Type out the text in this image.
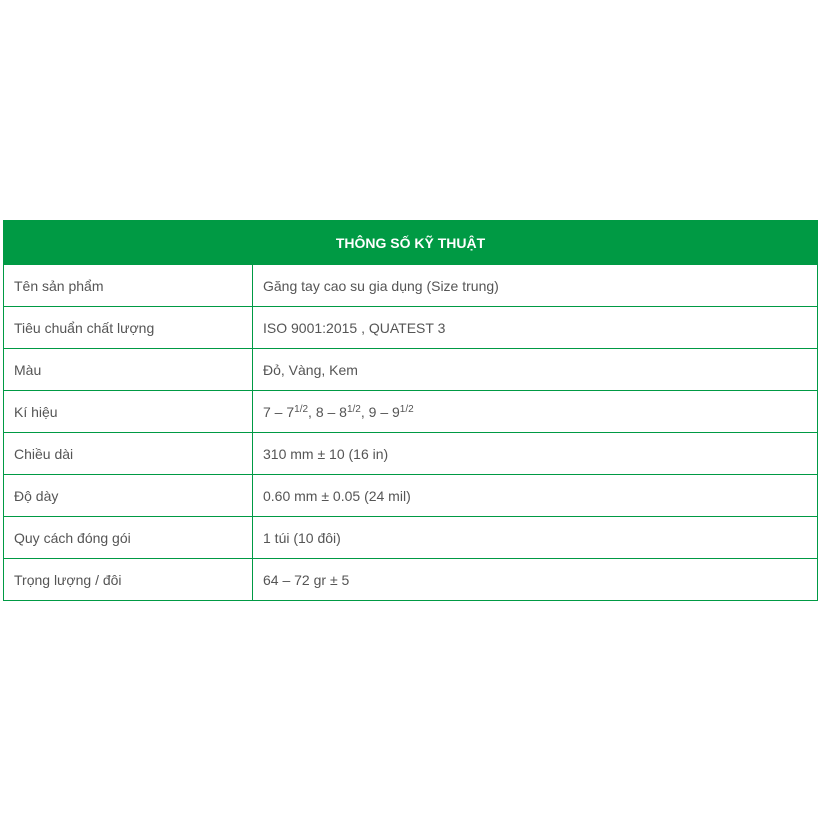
THÔNG SỐ KỸ THUẬT	
Tên sản phẩm	Găng tay cao su gia dụng (Size trung)
Tiêu chuẩn chất lượng	ISO 9001:2015 , QUATEST 3
Màu	Đỏ, Vàng, Kem
Kí hiệu	$7 - 7^{1/2}$, $8 - 8^{1/2}$, $9 - 9^{1/2}$
Chiều dài	310 mm ± 10 (16 in)
Độ dày	0.60 mm ± 0.05 (24 mil)
Quy cách đóng gói	1 túi (10 đôi)
Trọng lượng / đôi	64 – 72 gr ± 5
